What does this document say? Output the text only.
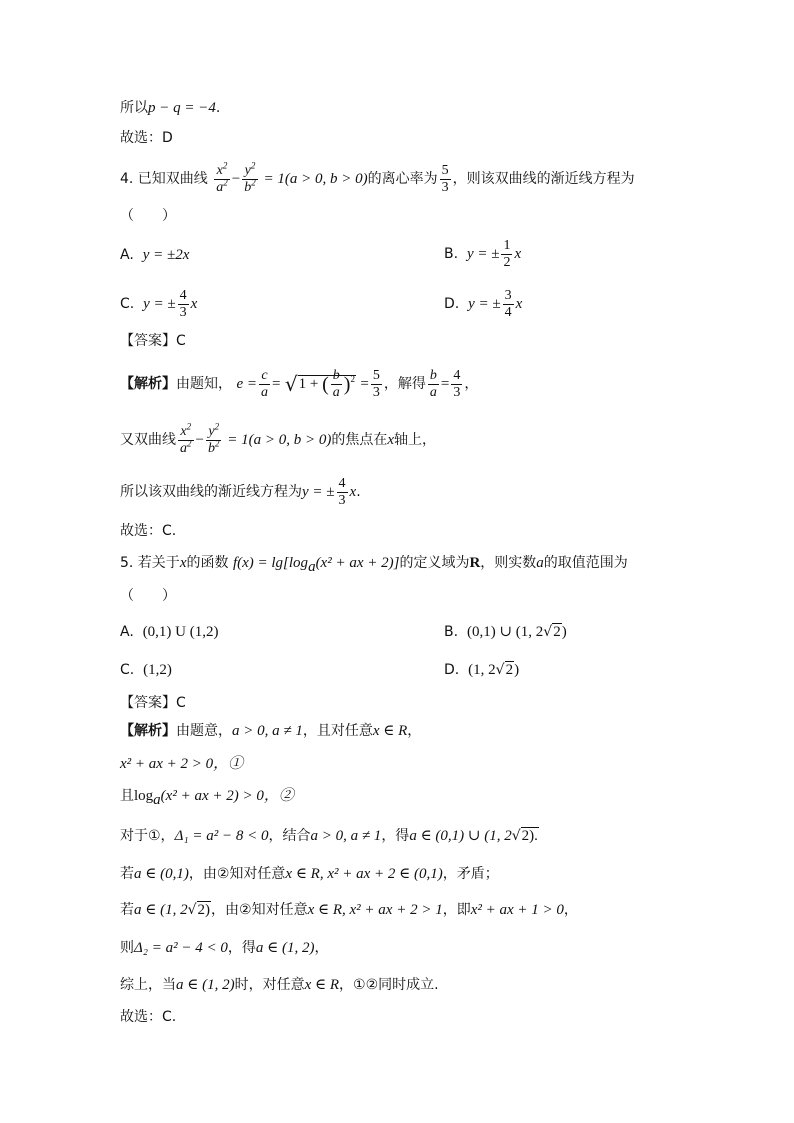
所以p − q = −4.
故选：D
4. 已知双曲线 $\frac{x^2}{a^2} - \frac{y^2}{b^2} = 1(a > 0$, b > 0)的离心率为 $\frac{5}{3}$ ，则该双曲线的渐近线方程为
（　　）
A. y = ±2x	B. y = ± $\frac{1}{2}$ x
C. y = ± $\frac{4}{3}$ x	D. y = ± $\frac{3}{4}$ x
【答案】C
【解析】由题知， $e = \frac{c}{a} = √1$ + ( $\frac{b}{a} )^2 = \frac{5}{3}$ ，解得 $\frac{b}{a} = \frac{4}{3}$ ，
又双曲线 $\frac{x^2}{a^2} - \frac{y^2}{b^2} = 1(a > 0$, b > 0)的焦点在x轴上，
所以该双曲线的渐近线方程为y = ± $\frac{4}{3} x$.
故选：C.
5. 若关于x的函数 $f(x) = \lg[\log_a(x^2$ + ax + 2)]的定义域为R，则实数a的取值范围为
（　　）
A. (0,1) U (1,2)	B. (0,1) ∪ (1, 2√2)
C. (1,2)	D. (1, 2√2)
【答案】C
【解析】由题意，a > 0, a ≠ 1，且对任意x ∈ R，
x² + ax + 2 > 0，①
且$\log_a(x^2$ + ax + 2) > 0，②
对于①，Δ₁ = a² − 8 < 0，结合a > 0, a ≠ 1，得a ∈ (0,1) ∪ (1, 2√2).
若a ∈ (0,1)，由②知对任意x ∈ R, x² + ax + 2 ∈ (0,1)，矛盾；
若a ∈ (1, 2√2)，由②知对任意x ∈ R, x² + ax + 2 > 1，即x² + ax + 1 > 0，
则Δ₂ = a² − 4 < 0，得a ∈ (1, 2)，
综上，当a ∈ (1, 2)时，对任意x ∈ R，①②同时成立.
故选：C.
